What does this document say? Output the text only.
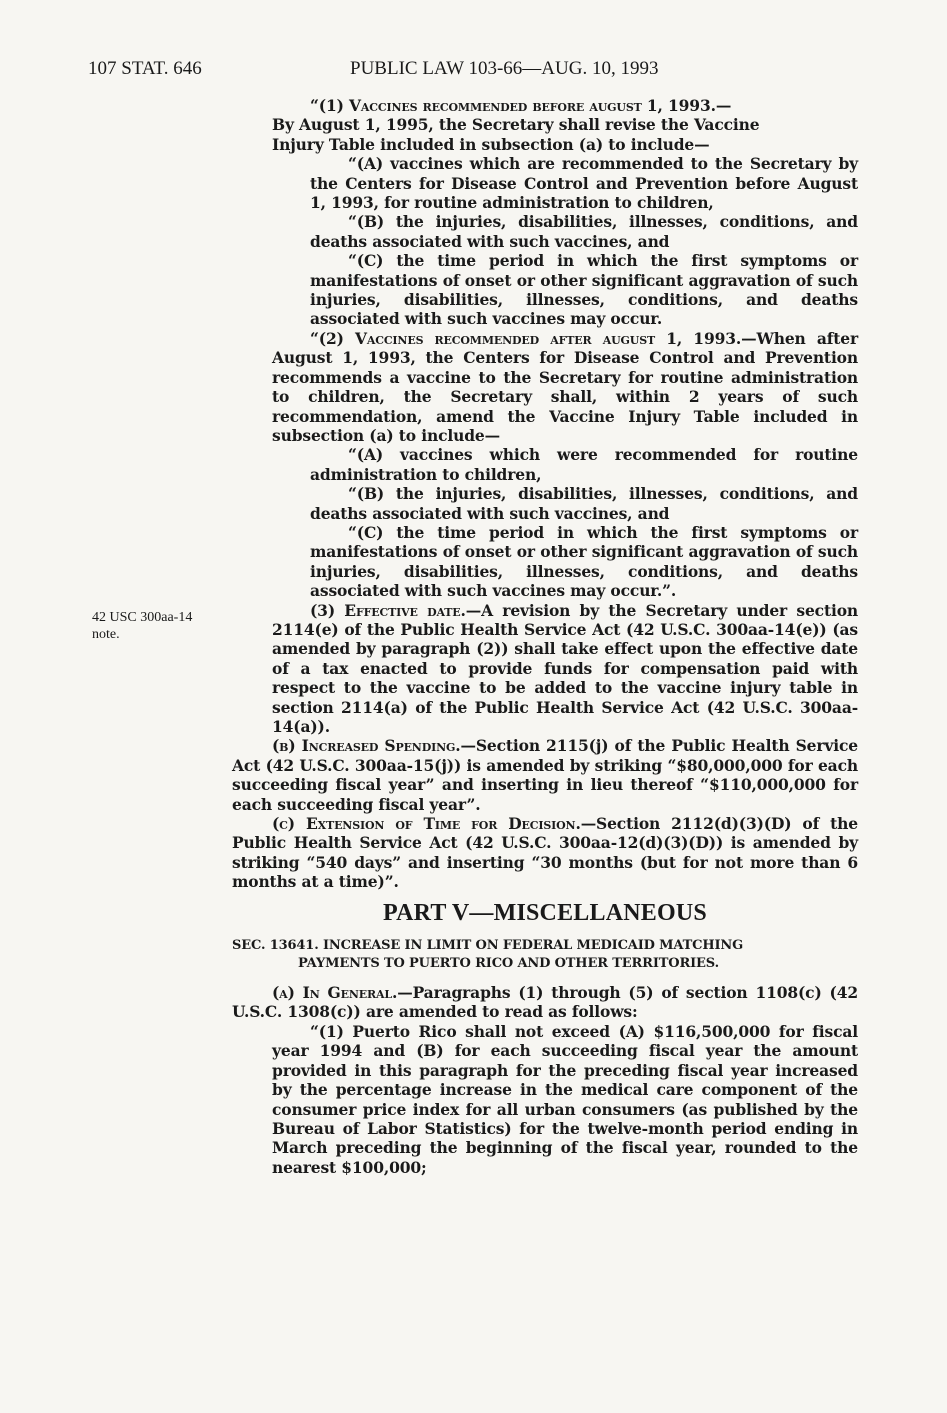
107 STAT. 646	PUBLIC LAW 103-66—AUG. 10, 1993
42 USC 300aa-14
note.

“(1) Vaccines recommended before august 1, 1993.—

By August 1, 1995, the Secretary shall revise the Vaccine

Injury Table included in subsection (a) to include—

“(A) vaccines which are recommended to the Secretary by the Centers for Disease Control and Prevention before August 1, 1993, for routine administration to children,

“(B) the injuries, disabilities, illnesses, conditions, and deaths associated with such vaccines, and

“(C) the time period in which the first symptoms or manifestations of onset or other significant aggravation of such injuries, disabilities, illnesses, conditions, and deaths associated with such vaccines may occur.

“(2) Vaccines recommended after august 1, 1993.—When after August 1, 1993, the Centers for Disease Control and Prevention recommends a vaccine to the Secretary for routine administration to children, the Secretary shall, within 2 years of such recommendation, amend the Vaccine Injury Table included in subsection (a) to include—

“(A) vaccines which were recommended for routine administration to children,

“(B) the injuries, disabilities, illnesses, conditions, and deaths associated with such vaccines, and

“(C) the time period in which the first symptoms or manifestations of onset or other significant aggravation of such injuries, disabilities, illnesses, conditions, and deaths associated with such vaccines may occur.”.

(3) Effective date.—A revision by the Secretary under section 2114(e) of the Public Health Service Act (42 U.S.C. 300aa-14(e)) (as amended by paragraph (2)) shall take effect upon the effective date of a tax enacted to provide funds for compensation paid with respect to the vaccine to be added to the vaccine injury table in section 2114(a) of the Public Health Service Act (42 U.S.C. 300aa-14(a)).

(b) Increased Spending.—Section 2115(j) of the Public Health Service Act (42 U.S.C. 300aa-15(j)) is amended by striking “$80,000,000 for each succeeding fiscal year” and inserting in lieu thereof “$110,000,000 for each succeeding fiscal year”.

(c) Extension of Time for Decision.—Section 2112(d)(3)(D) of the Public Health Service Act (42 U.S.C. 300aa-12(d)(3)(D)) is amended by striking “540 days” and inserting “30 months (but for not more than 6 months at a time)”.

PART V—MISCELLANEOUS

SEC. 13641. INCREASE IN LIMIT ON FEDERAL MEDICAID MATCHING
PAYMENTS TO PUERTO RICO AND OTHER TERRITORIES.

(a) In General.—Paragraphs (1) through (5) of section 1108(c) (42 U.S.C. 1308(c)) are amended to read as follows:

“(1) Puerto Rico shall not exceed (A) $116,500,000 for fiscal year 1994 and (B) for each succeeding fiscal year the amount provided in this paragraph for the preceding fiscal year increased by the percentage increase in the medical care component of the consumer price index for all urban consumers (as published by the Bureau of Labor Statistics) for the twelve-month period ending in March preceding the beginning of the fiscal year, rounded to the nearest $100,000;
